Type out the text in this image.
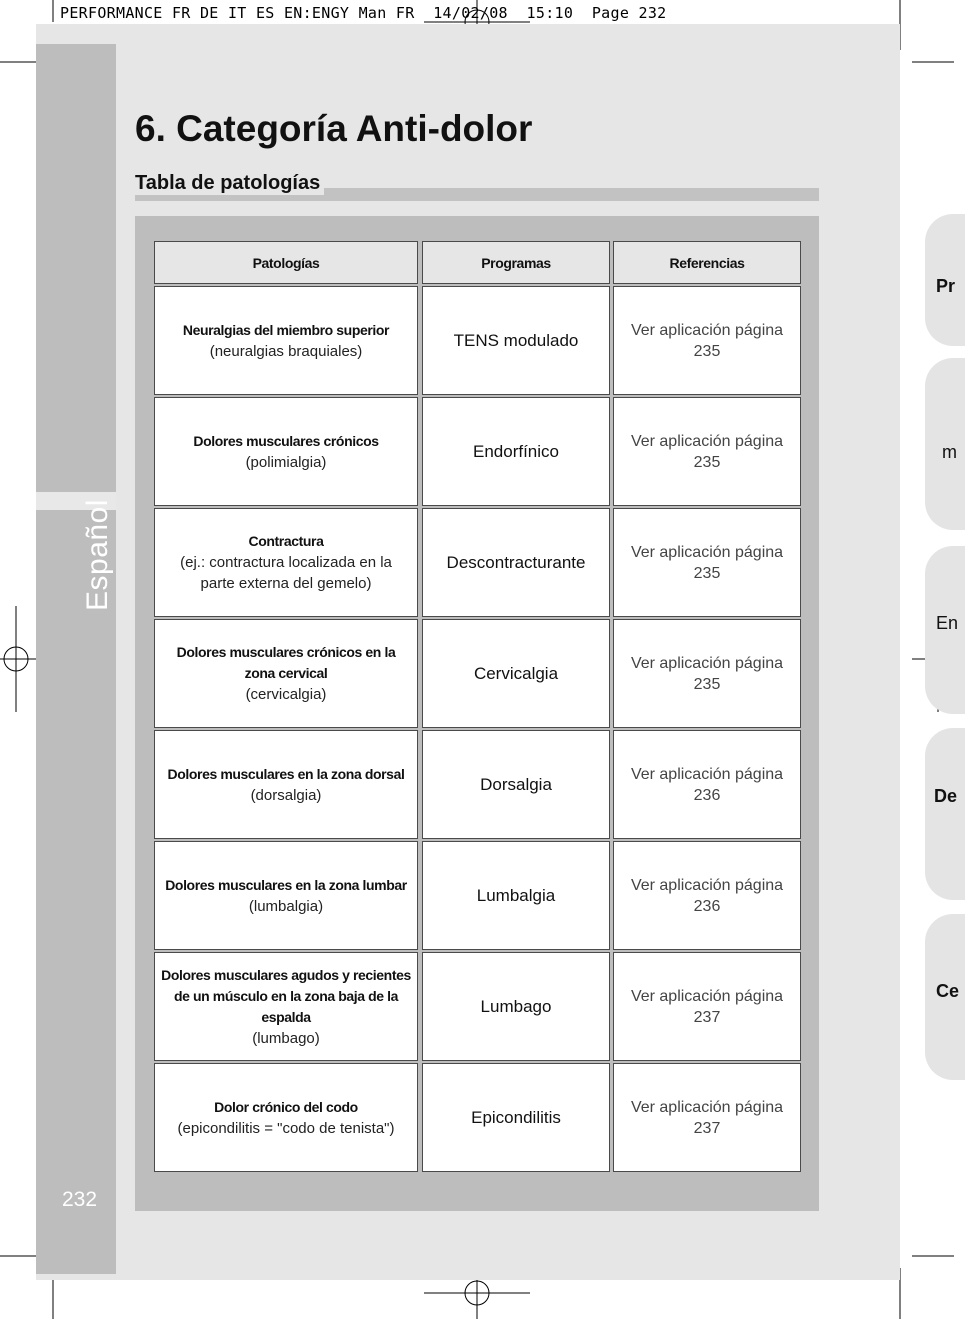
PERFORMANCE FR DE IT ES EN:ENGY Man FR  14/02/08  15:10  Page 232
Español
232
Pr
m
En
De
Ce
6. Categoría Anti-dolor
Tabla de patologías
Patologías	Programas	Referencias
Neuralgias del miembro superior
(neuralgias braquiales)
TENS modulado
Ver aplicación página
235
Dolores musculares crónicos
(polimialgia)
Endorfínico
Ver aplicación página
235
Contractura
(ej.: contractura localizada en la parte externa del gemelo)
Descontracturante
Ver aplicación página
235
Dolores musculares crónicos en la zona cervical
(cervicalgia)
Cervicalgia
Ver aplicación página
235
Dolores musculares en la zona dorsal
(dorsalgia)
Dorsalgia
Ver aplicación página
236
Dolores musculares en la zona lumbar
(lumbalgia)
Lumbalgia
Ver aplicación página
236
Dolores musculares agudos y recientes de un músculo en la zona baja de la espalda
(lumbago)
Lumbago
Ver aplicación página
237
Dolor crónico del codo
(epicondilitis = "codo de tenista")
Epicondilitis
Ver aplicación página
237
